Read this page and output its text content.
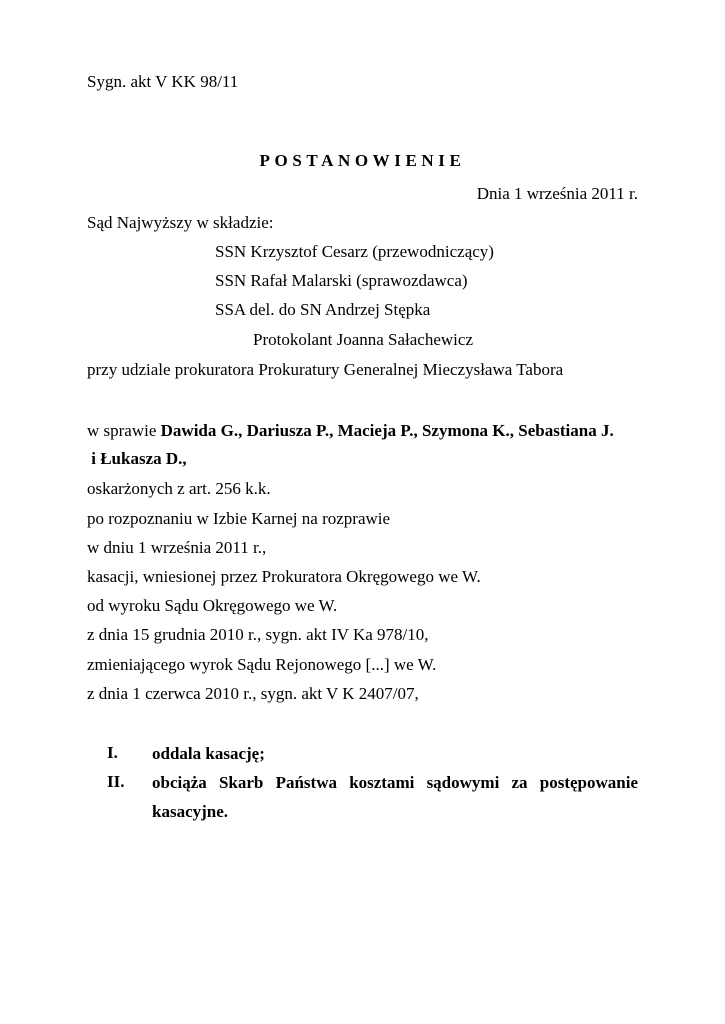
Sygn. akt V KK 98/11
POSTANOWIENIE
Dnia 1 września 2011 r.
Sąd Najwyższy w składzie:
SSN Krzysztof Cesarz (przewodniczący)
SSN Rafał Malarski (sprawozdawca)
SSA del. do SN Andrzej Stępka
Protokolant Joanna Sałachewicz
przy udziale prokuratora Prokuratury Generalnej Mieczysława Tabora
w sprawie Dawida G., Dariusza P., Macieja P., Szymona K., Sebastiana J.
i Łukasza D.,
oskarżonych z art. 256 k.k.
po rozpoznaniu w Izbie Karnej na rozprawie
w dniu 1 września 2011 r.,
kasacji, wniesionej przez Prokuratora Okręgowego we W.
od wyroku Sądu Okręgowego we W.
z dnia 15 grudnia 2010 r., sygn. akt IV Ka 978/10,
zmieniającego wyrok Sądu Rejonowego [...] we W.
z dnia 1 czerwca 2010 r., sygn. akt V K 2407/07,
I. oddala kasację;
II. obciąża Skarb Państwa kosztami sądowymi za postępowanie
kasacyjne.
